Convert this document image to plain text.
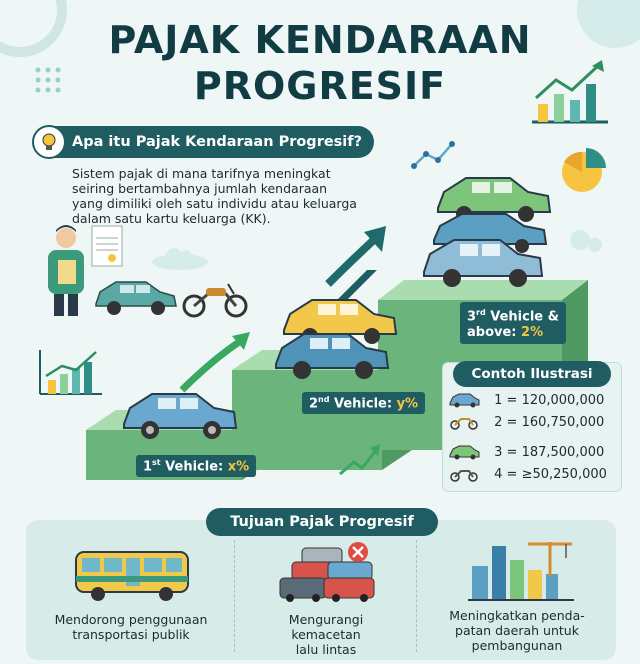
PAJAK KENDARAAN
PROGRESIF
Apa itu Pajak Kendaraan Progresif?
Sistem pajak di mana tarifnya meningkat
seiring bertambahnya jumlah kendaraan
yang dimiliki oleh satu individu atau keluarga
dalam satu kartu keluarga (KK).
1st Vehicle: x%
2nd Vehicle: y%
3rd Vehicle &
above: 2%
Contoh Ilustrasi
1 = 120,000,000
2 = 160,750,000
3 = 187,500,000
4 = ≥50,250,000
Tujuan Pajak Progresif
Mendorong penggunaan
transportasi publik
Mengurangi
kemacetan
lalu lintas
Meningkatkan penda-
patan daerah untuk
pembangunan
